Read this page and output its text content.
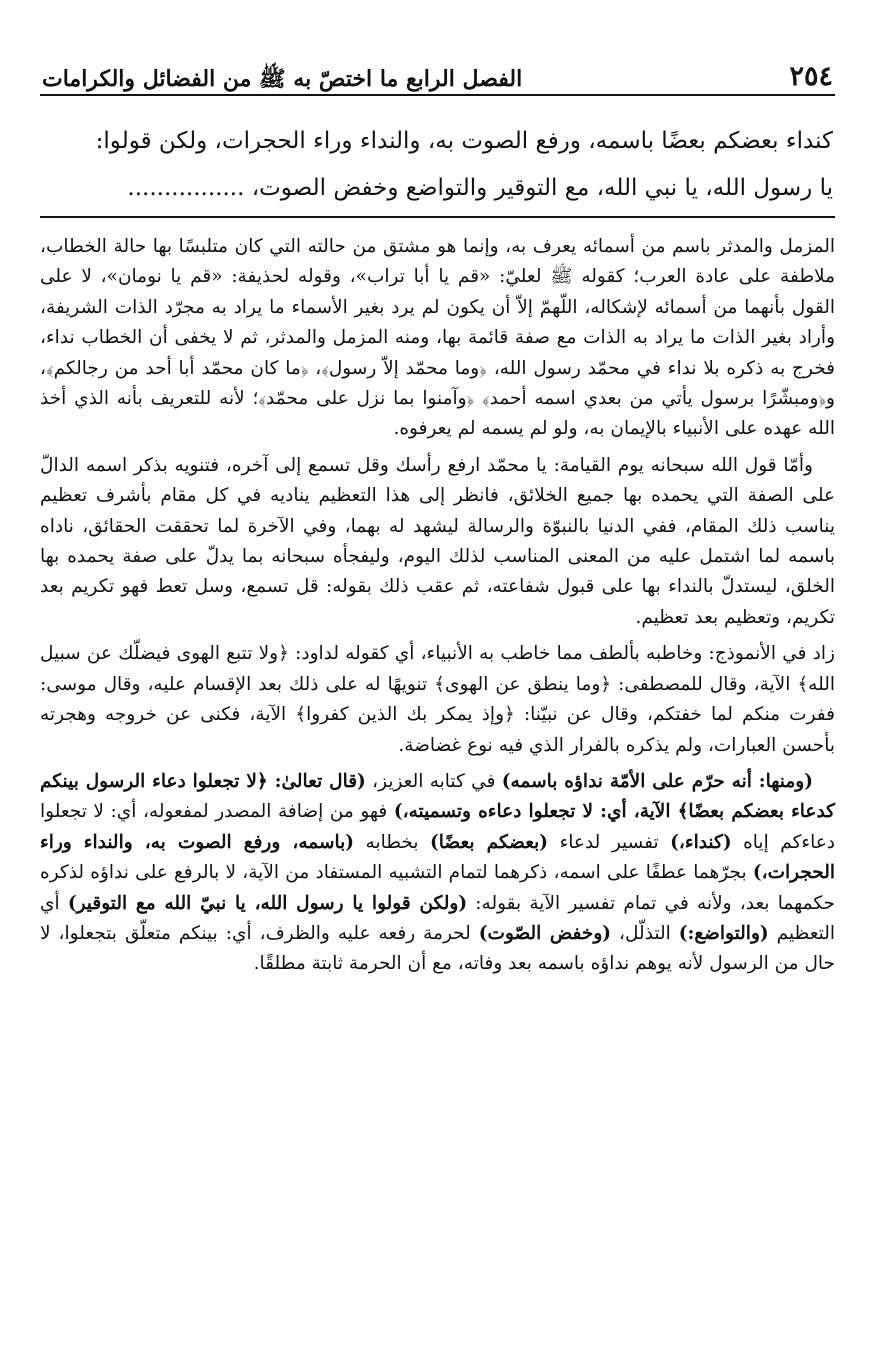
٢٥٤
الفصل الرابع ما اختصّ به ﷺ من الفضائل والكرامات
كنداء بعضكم بعضًا باسمه، ورفع الصوت به، والنداء وراء الحجرات، ولكن قولوا:
يا رسول الله، يا نبي الله، مع التوقير والتواضع وخفض الصوت، ................

المزمل والمدثر باسم من أسمائه يعرف به، وإنما هو مشتق من حالته التي كان متلبسًا بها حالة الخطاب، ملاطفة على عادة العرب؛ كقوله ﷺ لعليّ: «قم يا أبا تراب»، وقوله لحذيفة: «قم يا نومان»، لا على القول بأنهما من أسمائه لإشكاله، اللّهمّ إلاّ أن يكون لم يرد بغير الأسماء ما يراد به مجرّد الذات الشريفة، وأراد بغير الذات ما يراد به الذات مع صفة قائمة بها، ومنه المزمل والمدثر، ثم لا يخفى أن الخطاب نداء، فخرج به ذكره بلا نداء في محمّد رسول الله، ﴿وما محمّد إلاّ رسول﴾، ﴿ما كان محمّد أبا أحد من رجالكم﴾، و﴿ومبشّرًا برسول يأتي من بعدي اسمه أحمد﴾ ﴿وآمنوا بما نزل على محمّد﴾؛ لأنه للتعريف بأنه الذي أخذ الله عهده على الأنبياء بالإيمان به، ولو لم يسمه لم يعرفوه.

وأمّا قول الله سبحانه يوم القيامة: يا محمّد ارفع رأسك وقل تسمع إلى آخره، فتنويه بذكر اسمه الدالّ على الصفة التي يحمده بها جميع الخلائق، فانظر إلى هذا التعظيم يناديه في كل مقام بأشرف تعظيم يناسب ذلك المقام، ففي الدنيا بالنبوّة والرسالة ليشهد له بهما، وفي الآخرة لما تحققت الحقائق، ناداه باسمه لما اشتمل عليه من المعنى المناسب لذلك اليوم، وليفجأه سبحانه بما يدلّ على صفة يحمده بها الخلق، ليستدلّ بالنداء بها على قبول شفاعته، ثم عقب ذلك بقوله: قل تسمع، وسل تعط فهو تكريم بعد تكريم، وتعظيم بعد تعظيم.

زاد في الأنموذج: وخاطبه بألطف مما خاطب به الأنبياء، أي كقوله لداود: ﴿ولا تتبع الهوى فيضلّك عن سبيل الله﴾ الآية، وقال للمصطفى: ﴿وما ينطق عن الهوى﴾ تنويهًا له على ذلك بعد الإقسام عليه، وقال موسى: ففرت منكم لما خفتكم، وقال عن نبيّنا: ﴿وإذ يمكر بك الذين كفروا﴾ الآية، فكنى عن خروجه وهجرته بأحسن العبارات، ولم يذكره بالفرار الذي فيه نوع غضاضة.

(ومنها: أنه حرّم على الأمّة نداؤه باسمه) في كتابه العزيز، (قال تعالىٰ: ﴿لا تجعلوا دعاء الرسول بينكم كدعاء بعضكم بعضًا﴾ الآية، أي: لا تجعلوا دعاءه وتسميته،) فهو من إضافة المصدر لمفعوله، أي: لا تجعلوا دعاءكم إياه (كنداء،) تفسير لدعاء (بعضكم بعضًا) بخطابه (باسمه، ورفع الصوت به، والنداء وراء الحجرات،) بجرّهما عطفًا على اسمه، ذكرهما لتمام التشبيه المستفاد من الآية، لا بالرفع على نداؤه لذكره حكمهما بعد، ولأنه في تمام تفسير الآية بقوله: (ولكن قولوا يا رسول الله، يا نبيّ الله مع التوقير) أي التعظيم (والتواضع:) التذلّل، (وخفض الصّوت) لحرمة رفعه عليه والظرف، أي: بينكم متعلّق بتجعلوا، لا حال من الرسول لأنه يوهم نداؤه باسمه بعد وفاته، مع أن الحرمة ثابتة مطلقًا.
